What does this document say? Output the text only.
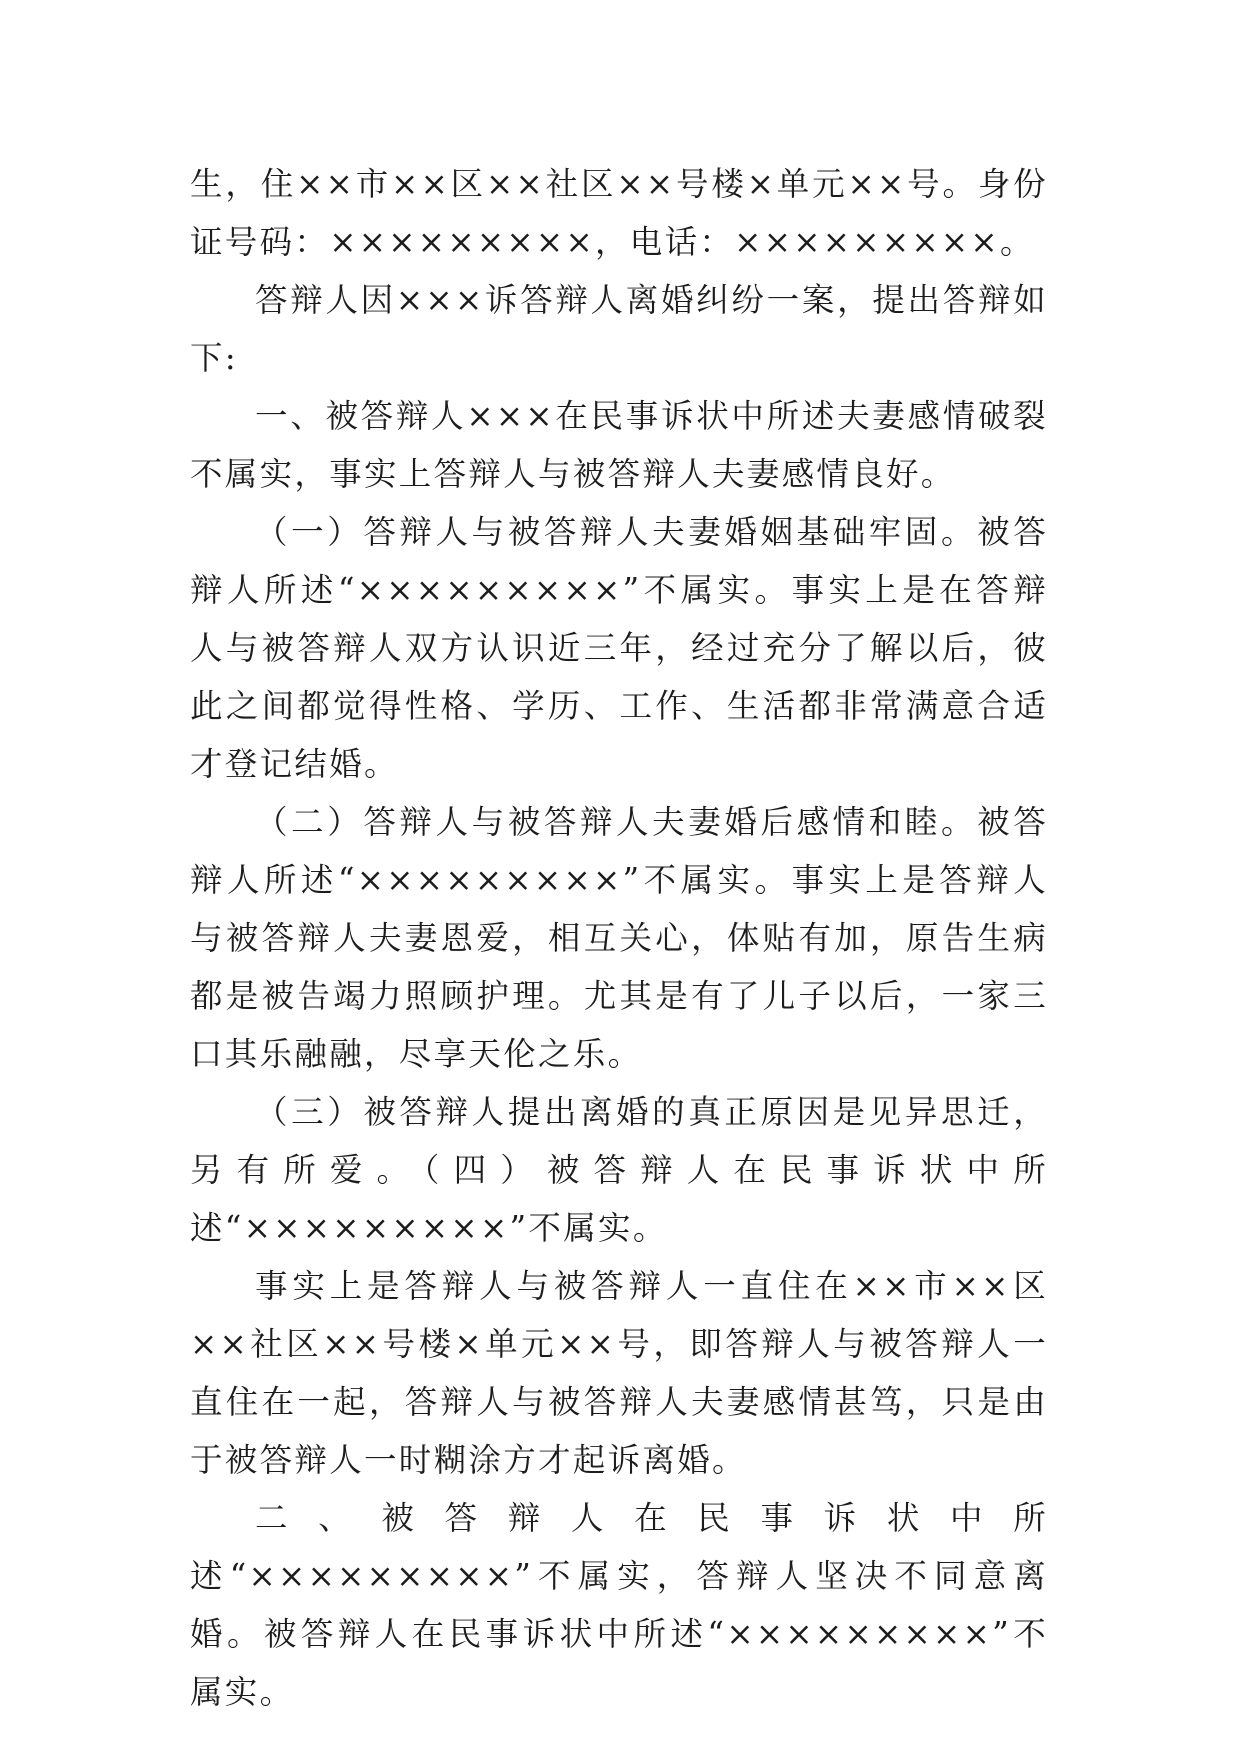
生，住××市××区××社区××号楼×单元××号。身份证号码：×××××××××，电话：×××××××××。

答辩人因×××诉答辩人离婚纠纷一案，提出答辩如下:

一、被答辩人×××在民事诉状中所述夫妻感情破裂不属实，事实上答辩人与被答辩人夫妻感情良好。

（一）答辩人与被答辩人夫妻婚姻基础牢固。被答辩人所述“×××××××××”不属实。事实上是在答辩人与被答辩人双方认识近三年，经过充分了解以后，彼此之间都觉得性格、学历、工作、生活都非常满意合适才登记结婚。

（二）答辩人与被答辩人夫妻婚后感情和睦。被答辩人所述“×××××××××”不属实。事实上是答辩人与被答辩人夫妻恩爱，相互关心，体贴有加，原告生病都是被告竭力照顾护理。尤其是有了儿子以后，一家三口其乐融融，尽享天伦之乐。

（三）被答辩人提出离婚的真正原因是见异思迁，另有所爱。（四）被答辩人在民事诉状中所述“×××××××××”不属实。

事实上是答辩人与被答辩人一直住在××市××区××社区××号楼×单元××号，即答辩人与被答辩人一直住在一起，答辩人与被答辩人夫妻感情甚笃，只是由于被答辩人一时糊涂方才起诉离婚。

二、被答辩人在民事诉状中所述“×××××××××”不属实，答辩人坚决不同意离婚。被答辩人在民事诉状中所述“×××××××××”不属实。
